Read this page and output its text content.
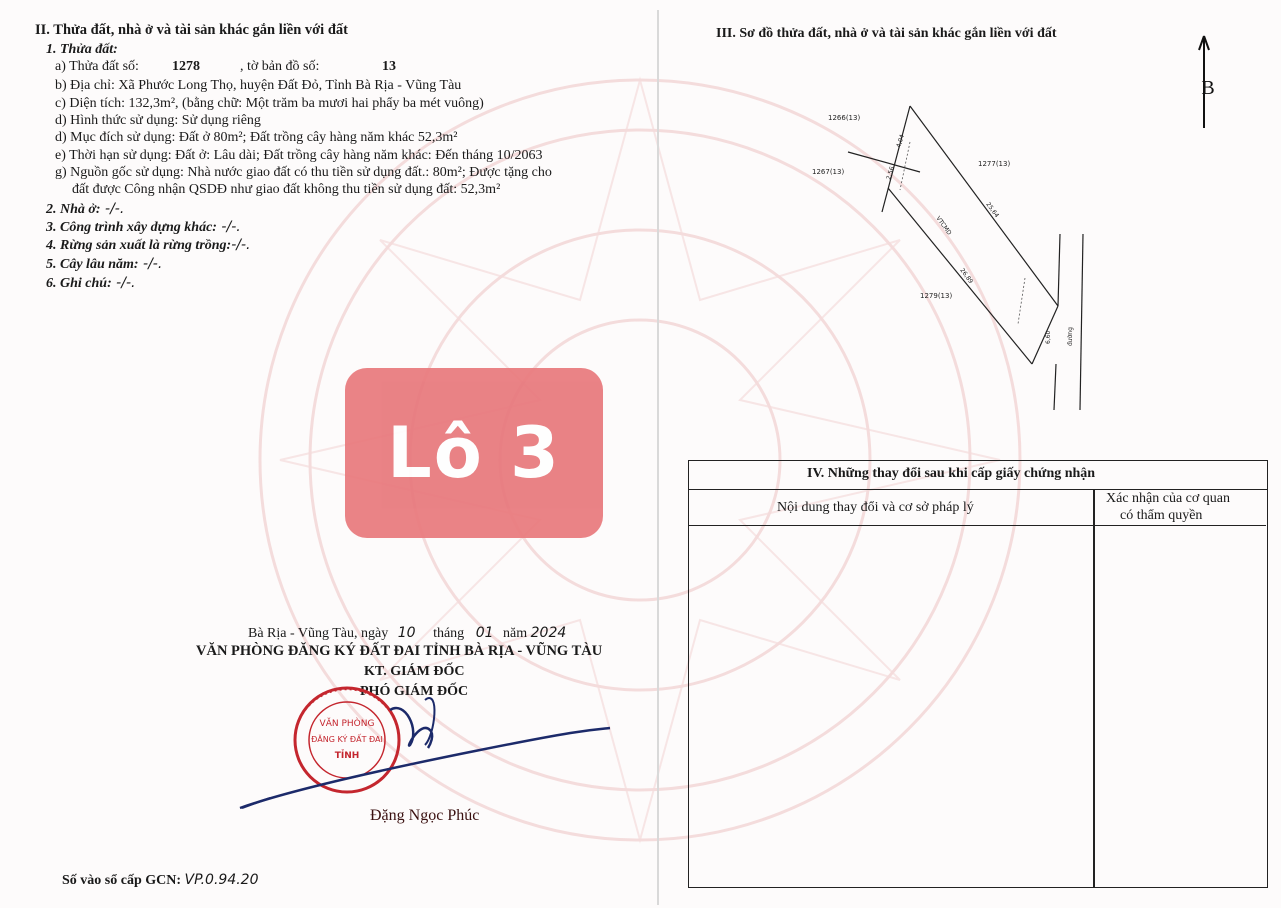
II. Thửa đất, nhà ở và tài sản khác gắn liền với đất
1. Thửa đất:
a) Thửa đất số: 1278	, tờ bản đồ số:	13
b) Địa chỉ: Xã Phước Long Thọ, huyện Đất Đỏ, Tỉnh Bà Rịa - Vũng Tàu
c) Diện tích: 132,3m², (bằng chữ: Một trăm ba mươi hai phẩy ba mét vuông)
d) Hình thức sử dụng: Sử dụng riêng
d) Mục đích sử dụng: Đất ở 80m²; Đất trồng cây hàng năm khác 52,3m²
e) Thời hạn sử dụng: Đất ở: Lâu dài; Đất trồng cây hàng năm khác: Đến tháng 10/2063
g) Nguồn gốc sử dụng: Nhà nước giao đất có thu tiền sử dụng đất.: 80m²; Được tặng cho
đất được Công nhận QSDĐ như giao đất không thu tiền sử dụng đất: 52,3m²
2. Nhà ở: -/-.
3. Công trình xây dựng khác: -/-.
4. Rừng sản xuất là rừng trồng:-/-.
5. Cây lâu năm: -/-.
6. Ghi chú: -/-.
Lô 3
Bà Rịa - Vũng Tàu, ngày 10 tháng 01 năm 2024
VĂN PHÒNG ĐĂNG KÝ ĐẤT ĐAI TỈNH BÀ RỊA - VŨNG TÀU
KT. GIÁM ĐỐC
PHÓ GIÁM ĐỐC
VĂN PHÒNG
ĐĂNG KÝ ĐẤT ĐAI
TỈNH
Đặng Ngọc Phúc
Số vào sổ cấp GCN: VP.0.94.20
III. Sơ đồ thửa đất, nhà ở và tài sản khác gắn liền với đất
B
1266(13)
1267(13)
1277(13)
1279(13)
4,04
2,56
25,64
26,89
VTCMD
6,60	đường
IV. Những thay đổi sau khi cấp giấy chứng nhận
Nội dung thay đổi và cơ sở pháp lý
Xác nhận của cơ quan
có thẩm quyền
